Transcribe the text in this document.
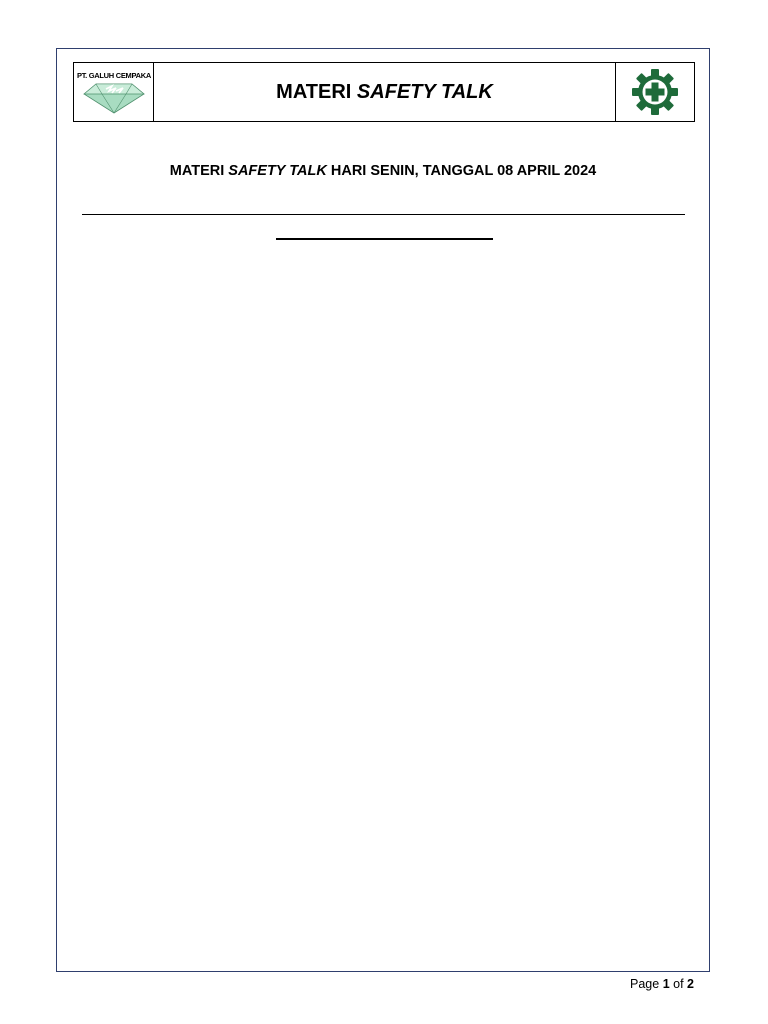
PT. GALUH CEMPAKA
MATERI
SAFETY TALK
MATERI SAFETY TALK HARI SENIN, TANGGAL 08 APRIL 2024
Page 1 of 2
